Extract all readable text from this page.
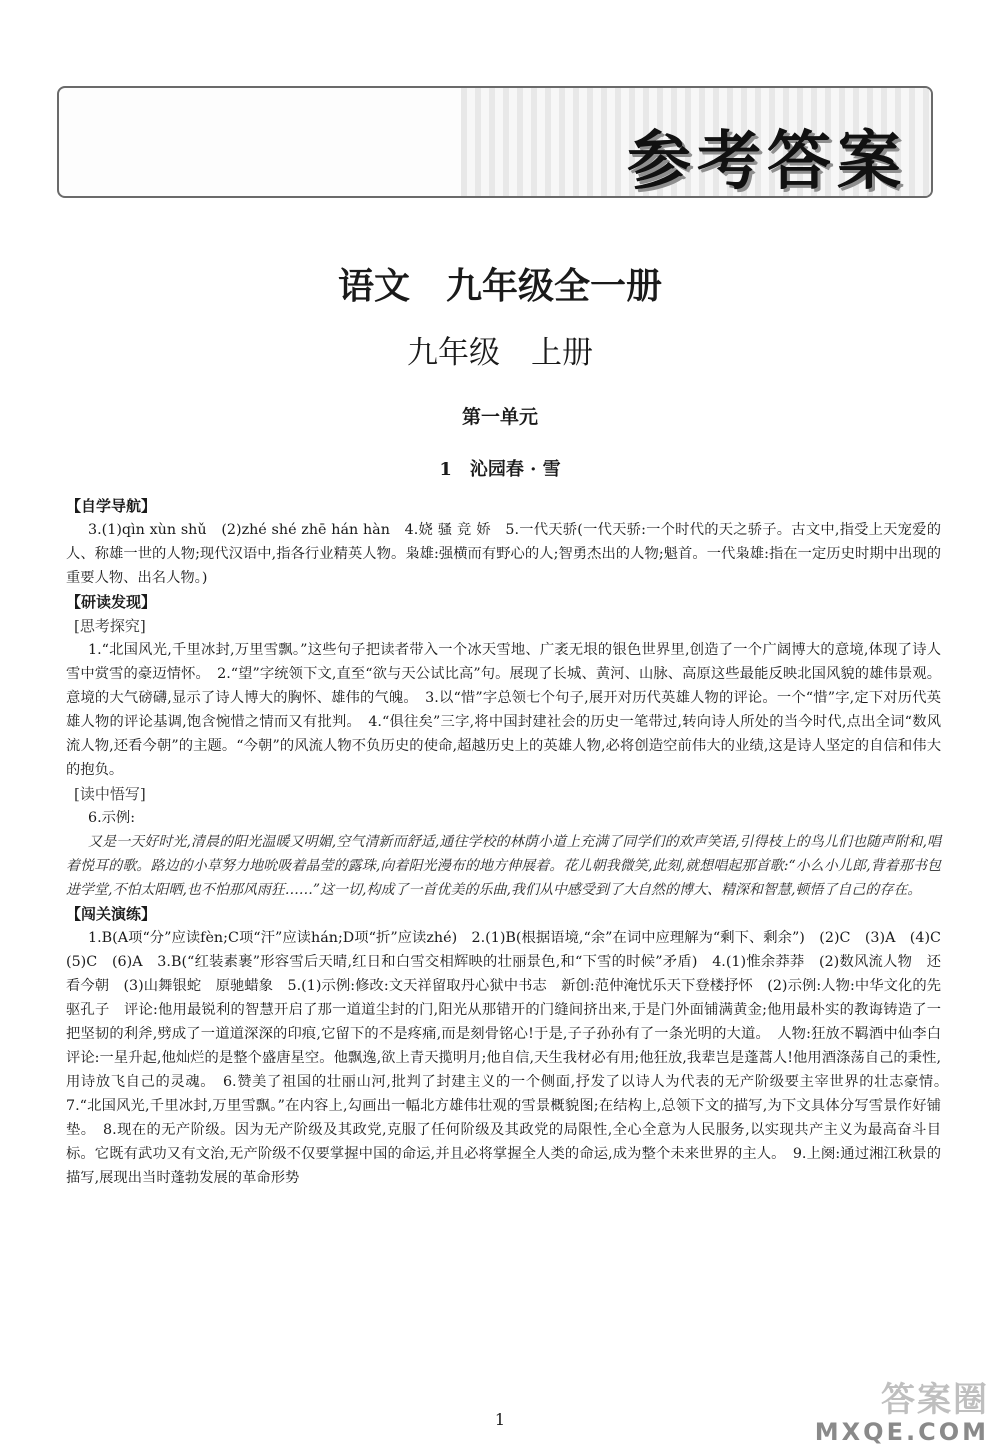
参考答案
语文　九年级全一册
九年级　上册
第一单元
1　沁园春 · 雪
【自学导航】
3.(1)qìn xùn shǔ　(2)zhé shé zhē hán hàn　4.娆 骚 竞 娇　5.一代天骄(一代天骄:一个时代的天之骄子。古文中,指受上天宠爱的人、称雄一世的人物;现代汉语中,指各行业精英人物。枭雄:强横而有野心的人;智勇杰出的人物;魁首。一代枭雄:指在一定历史时期中出现的重要人物、出名人物。)
【研读发现】
[思考探究]
1.“北国风光,千里冰封,万里雪飘。”这些句子把读者带入一个冰天雪地、广袤无垠的银色世界里,创造了一个广阔博大的意境,体现了诗人雪中赏雪的豪迈情怀。　2.“望”字统领下文,直至“欲与天公试比高”句。展现了长城、黄河、山脉、高原这些最能反映北国风貌的雄伟景观。意境的大气磅礴,显示了诗人博大的胸怀、雄伟的气魄。　3.以“惜”字总领七个句子,展开对历代英雄人物的评论。一个“惜”字,定下对历代英雄人物的评论基调,饱含惋惜之情而又有批判。　4.“俱往矣”三字,将中国封建社会的历史一笔带过,转向诗人所处的当今时代,点出全词“数风流人物,还看今朝”的主题。“今朝”的风流人物不负历史的使命,超越历史上的英雄人物,必将创造空前伟大的业绩,这是诗人坚定的自信和伟大的抱负。
[读中悟写]
6.示例:
又是一天好时光,清晨的阳光温暖又明媚,空气清新而舒适,通往学校的林荫小道上充满了同学们的欢声笑语,引得枝上的鸟儿们也随声附和,唱着悦耳的歌。路边的小草努力地吮吸着晶莹的露珠,向着阳光漫布的地方伸展着。花儿朝我微笑,此刻,就想唱起那首歌:“小么小儿郎,背着那书包进学堂,不怕太阳晒,也不怕那风雨狂……”这一切,构成了一首优美的乐曲,我们从中感受到了大自然的博大、精深和智慧,顿悟了自己的存在。
【闯关演练】
1.B(A项“分”应读fèn;C项“汗”应读hán;D项“折”应读zhé)　2.(1)B(根据语境,“余”在词中应理解为“剩下、剩余”)　(2)C　(3)A　(4)C　(5)C　(6)A　3.B(“红装素裹”形容雪后天晴,红日和白雪交相辉映的壮丽景色,和“下雪的时候”矛盾)　4.(1)惟余莽莽　(2)数风流人物　还看今朝　(3)山舞银蛇　原驰蜡象　5.(1)示例:修改:文天祥留取丹心狱中书志　新创:范仲淹忧乐天下登楼抒怀　(2)示例:人物:中华文化的先驱孔子　评论:他用最锐利的智慧开启了那一道道尘封的门,阳光从那错开的门缝间挤出来,于是门外面铺满黄金;他用最朴实的教诲铸造了一把坚韧的利斧,劈成了一道道深深的印痕,它留下的不是疼痛,而是刻骨铭心!于是,子子孙孙有了一条光明的大道。　人物:狂放不羁酒中仙李白　评论:一星升起,他灿烂的是整个盛唐星空。他飘逸,欲上青天揽明月;他自信,天生我材必有用;他狂放,我辈岂是蓬蒿人!他用酒涤荡自己的秉性,用诗放飞自己的灵魂。　6.赞美了祖国的壮丽山河,批判了封建主义的一个侧面,抒发了以诗人为代表的无产阶级要主宰世界的壮志豪情。　7.“北国风光,千里冰封,万里雪飘。”在内容上,勾画出一幅北方雄伟壮观的雪景概貌图;在结构上,总领下文的描写,为下文具体分写雪景作好铺垫。　8.现在的无产阶级。因为无产阶级及其政党,克服了任何阶级及其政党的局限性,全心全意为人民服务,以实现共产主义为最高奋斗目标。它既有武功又有文治,无产阶级不仅要掌握中国的命运,并且必将掌握全人类的命运,成为整个未来世界的主人。　9.上阕:通过湘江秋景的描写,展现出当时蓬勃发展的革命形势
1	答案圈
MXQE.COM
